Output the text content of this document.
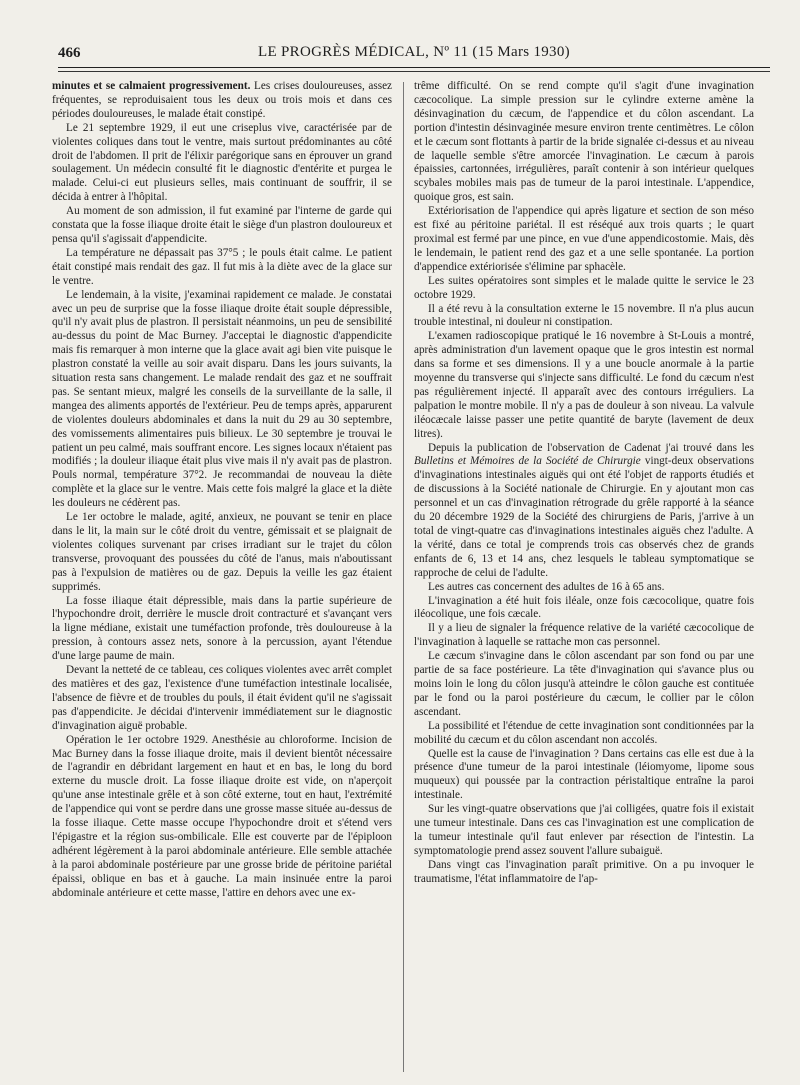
466	LE PROGRÈS MÉDICAL, Nº 11 (15 Mars 1930)

minutes et se calmaient progressivement. Les crises douloureuses, assez fréquentes, se reproduisaient tous les deux ou trois mois et dans ces périodes douloureuses, le malade était constipé.

Le 21 septembre 1929, il eut une criseplus vive, caractérisée par de violentes coliques dans tout le ventre, mais surtout prédominantes au côté droit de l'abdomen. Il prit de l'élixir parégorique sans en éprouver un grand soulagement. Un médecin consulté fit le diagnostic d'entérite et purgea le malade. Celui-ci eut plusieurs selles, mais continuant de souffrir, il se décida à entrer à l'hôpital.

Au moment de son admission, il fut examiné par l'interne de garde qui constata que la fosse iliaque droite était le siège d'un plastron douloureux et pensa qu'il s'agissait d'appendicite.

La température ne dépassait pas 37°5 ; le pouls était calme. Le patient était constipé mais rendait des gaz. Il fut mis à la diète avec de la glace sur le ventre.

Le lendemain, à la visite, j'examinai rapidement ce malade. Je constatai avec un peu de surprise que la fosse iliaque droite était souple dépressible, qu'il n'y avait plus de plastron. Il persistait néanmoins, un peu de sensibilité au-dessus du point de Mac Burney. J'acceptai le diagnostic d'appendicite mais fis remarquer à mon interne que la glace avait agi bien vite puisque le plastron constaté la veille au soir avait disparu. Dans les jours suivants, la situation resta sans changement. Le malade rendait des gaz et ne souffrait pas. Se sentant mieux, malgré les conseils de la surveillante de la salle, il mangea des aliments apportés de l'extérieur. Peu de temps après, apparurent de violentes douleurs abdominales et dans la nuit du 29 au 30 septembre, des vomissements alimentaires puis bilieux. Le 30 septembre je trouvai le patient un peu calmé, mais souffrant encore. Les signes locaux n'étaient pas modifiés ; la douleur iliaque était plus vive mais il n'y avait pas de plastron. Pouls normal, température 37°2. Je recommandai de nouveau la diète complète et la glace sur le ventre. Mais cette fois malgré la glace et la diète les douleurs ne cédèrent pas.

Le 1er octobre le malade, agité, anxieux, ne pouvant se tenir en place dans le lit, la main sur le côté droit du ventre, gémissait et se plaignait de violentes coliques survenant par crises irradiant sur le trajet du côlon transverse, provoquant des poussées du côté de l'anus, mais n'aboutissant pas à l'expulsion de matières ou de gaz. Depuis la veille les gaz étaient supprimés.

La fosse iliaque était dépressible, mais dans la partie supérieure de l'hypochondre droit, derrière le muscle droit contracturé et s'avançant vers la ligne médiane, existait une tuméfaction profonde, très douloureuse à la pression, à contours assez nets, sonore à la percussion, ayant l'étendue d'une large paume de main.

Devant la netteté de ce tableau, ces coliques violentes avec arrêt complet des matières et des gaz, l'existence d'une tuméfaction intestinale localisée, l'absence de fièvre et de troubles du pouls, il était évident qu'il ne s'agissait pas d'appendicite. Je décidai d'intervenir immédiatement sur le diagnostic d'invagination aiguë probable.

Opération le 1er octobre 1929. Anesthésie au chloroforme. Incision de Mac Burney dans la fosse iliaque droite, mais il devient bientôt nécessaire de l'agrandir en débridant largement en haut et en bas, le long du bord externe du muscle droit. La fosse iliaque droite est vide, on n'aperçoit qu'une anse intestinale grêle et à son côté externe, tout en haut, l'extrémité de l'appendice qui vont se perdre dans une grosse masse située au-dessus de la fosse iliaque. Cette masse occupe l'hypochondre droit et s'étend vers l'épigastre et la région sus-ombilicale. Elle est couverte par de l'épiploon adhérent légèrement à la paroi abdominale antérieure. Elle semble attachée à la paroi abdominale postérieure par une grosse bride de péritoine pariétal épaissi, oblique en bas et à gauche. La main insinuée entre la paroi abdominale antérieure et cette masse, l'attire en dehors avec une ex-

trême difficulté. On se rend compte qu'il s'agit d'une invagination cæcocolique. La simple pression sur le cylindre externe amène la désinvagination du cæcum, de l'appendice et du côlon ascendant. La portion d'intestin désinvaginée mesure environ trente centimètres. Le côlon et le cæcum sont flottants à partir de la bride signalée ci-dessus et au niveau de laquelle semble s'être amorcée l'invagination. Le cæcum à parois épaissies, cartonnées, irrégulières, paraît contenir à son intérieur quelques scybales mobiles mais pas de tumeur de la paroi intestinale. L'appendice, quoique gros, est sain.

Extériorisation de l'appendice qui après ligature et section de son méso est fixé au péritoine pariétal. Il est réséqué aux trois quarts ; le quart proximal est fermé par une pince, en vue d'une appendicostomie. Mais, dès le lendemain, le patient rend des gaz et a une selle spontanée. La portion d'appendice extériorisée s'élimine par sphacèle.

Les suites opératoires sont simples et le malade quitte le service le 23 octobre 1929.

Il a été revu à la consultation externe le 15 novembre. Il n'a plus aucun trouble intestinal, ni douleur ni constipation.

L'examen radioscopique pratiqué le 16 novembre à St-Louis a montré, après administration d'un lavement opaque que le gros intestin est normal dans sa forme et ses dimensions. Il y a une boucle anormale à la partie moyenne du transverse qui s'injecte sans difficulté. Le fond du cæcum n'est pas régulièrement injecté. Il apparaît avec des contours irréguliers. La palpation le montre mobile. Il n'y a pas de douleur à son niveau. La valvule iléocæcale laisse passer une petite quantité de baryte (lavement de deux litres).

Depuis la publication de l'observation de Cadenat j'ai trouvé dans les Bulletins et Mémoires de la Société de Chirurgie vingt-deux observations d'invaginations intestinales aiguës qui ont été l'objet de rapports étudiés et de discussions à la Société nationale de Chirurgie. En y ajoutant mon cas personnel et un cas d'invagination rétrograde du grêle rapporté à la séance du 20 décembre 1929 de la Société des chirurgiens de Paris, j'arrive à un total de vingt-quatre cas d'invaginations intestinales aiguës chez l'adulte. A la vérité, dans ce total je comprends trois cas observés chez de grands enfants de 6, 13 et 14 ans, chez lesquels le tableau symptomatique se rapproche de celui de l'adulte.

Les autres cas concernent des adultes de 16 à 65 ans.

L'invagination a été huit fois iléale, onze fois cæcocolique, quatre fois iléocolique, une fois cæcale.

Il y a lieu de signaler la fréquence relative de la variété cæcocolique de l'invagination à laquelle se rattache mon cas personnel.

Le cæcum s'invagine dans le côlon ascendant par son fond ou par une partie de sa face postérieure. La tête d'invagination qui s'avance plus ou moins loin le long du côlon jusqu'à atteindre le côlon gauche est contituée par le fond ou la paroi postérieure du cæcum, le collier par le côlon ascendant.

La possibilité et l'étendue de cette invagination sont conditionnées par la mobilité du cæcum et du côlon ascendant non accolés.

Quelle est la cause de l'invagination ? Dans certains cas elle est due à la présence d'une tumeur de la paroi intestinale (léiomyome, lipome sous muqueux) qui poussée par la contraction péristaltique entraîne la paroi intestinale.

Sur les vingt-quatre observations que j'ai colligées, quatre fois il existait une tumeur intestinale. Dans ces cas l'invagination est une complication de la tumeur intestinale qu'il faut enlever par résection de l'intestin. La symptomatologie prend assez souvent l'allure subaiguë.

Dans vingt cas l'invagination paraît primitive. On a pu invoquer le traumatisme, l'état inflammatoire de l'ap-
